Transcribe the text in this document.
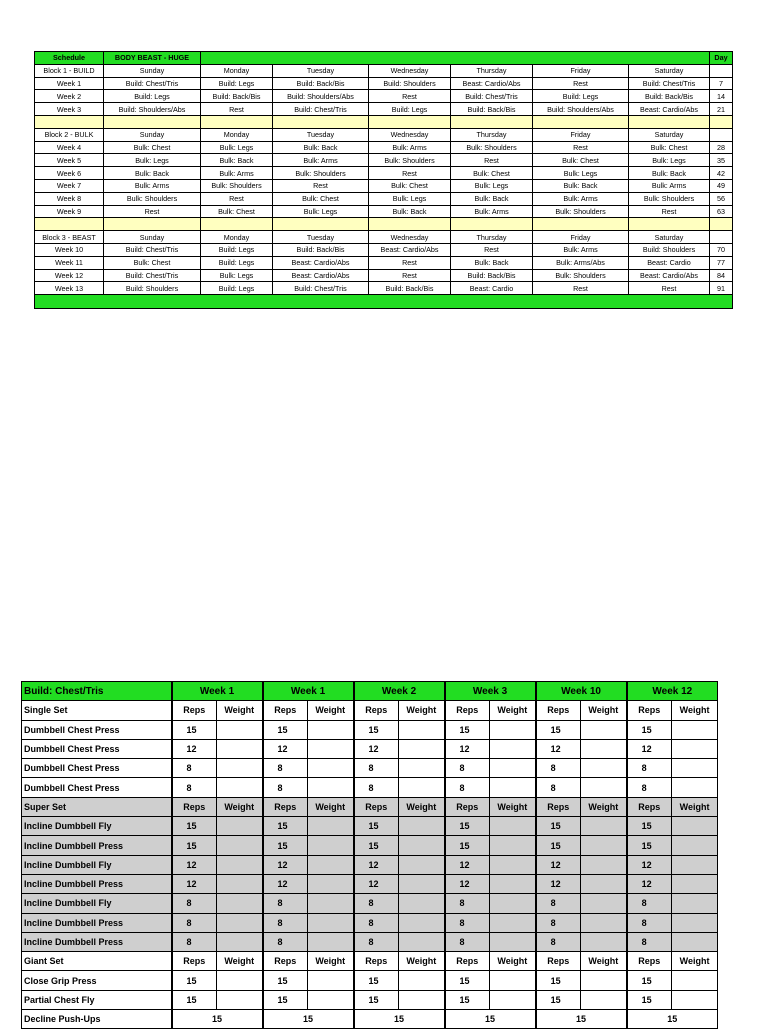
Schedule	BODY BEAST - HUGE							Day
Block 1 - BUILD	Sunday	Monday	Tuesday	Wednesday	Thursday	Friday	Saturday	
Week 1	Build: Chest/Tris	Build: Legs	Build: Back/Bis	Build: Shoulders	Beast: Cardio/Abs	Rest	Build: Chest/Tris	7
Week 2	Build: Legs	Build: Back/Bis	Build: Shoulders/Abs	Rest	Build: Chest/Tris	Build: Legs	Build: Back/Bis	14
Week 3	Build: Shoulders/Abs	Rest	Build: Chest/Tris	Build: Legs	Build: Back/Bis	Build: Shoulders/Abs	Beast: Cardio/Abs	21

Block 2 - BULK	Sunday	Monday	Tuesday	Wednesday	Thursday	Friday	Saturday	
Week 4	Bulk: Chest	Bulk: Legs	Bulk: Back	Bulk: Arms	Bulk: Shoulders	Rest	Bulk: Chest	28
Week 5	Bulk: Legs	Bulk: Back	Bulk: Arms	Bulk: Shoulders	Rest	Bulk: Chest	Bulk: Legs	35
Week 6	Bulk: Back	Bulk: Arms	Bulk: Shoulders	Rest	Bulk: Chest	Bulk: Legs	Bulk: Back	42
Week 7	Bulk: Arms	Bulk: Shoulders	Rest	Bulk: Chest	Bulk: Legs	Bulk: Back	Bulk: Arms	49
Week 8	Bulk: Shoulders	Rest	Bulk: Chest	Bulk: Legs	Bulk: Back	Bulk: Arms	Bulk: Shoulders	56
Week 9	Rest	Bulk: Chest	Bulk: Legs	Bulk: Back	Bulk: Arms	Bulk: Shoulders	Rest	63

Block 3 - BEAST	Sunday	Monday	Tuesday	Wednesday	Thursday	Friday	Saturday	
Week 10	Build: Chest/Tris	Build: Legs	Build: Back/Bis	Beast: Cardio/Abs	Rest	Bulk: Arms	Build: Shoulders	70
Week 11	Bulk: Chest	Build: Legs	Beast: Cardio/Abs	Rest	Bulk: Back	Bulk: Arms/Abs	Beast: Cardio	77
Week 12	Build: Chest/Tris	Bulk: Legs	Beast: Cardio/Abs	Rest	Build: Back/Bis	Bulk: Shoulders	Beast: Cardio/Abs	84
Week 13	Build: Shoulders	Build: Legs	Build: Chest/Tris	Build: Back/Bis	Beast: Cardio	Rest	Rest	91

Build: Chest/Tris	Week 1		Week 1		Week 2		Week 3		Week 10		Week 12	
Single Set	Reps	Weight	Reps	Weight	Reps	Weight	Reps	Weight	Reps	Weight	Reps	Weight
Dumbbell Chest Press	15		15		15		15		15		15	
Dumbbell Chest Press	12		12		12		12		12		12	
Dumbbell Chest Press	8		8		8		8		8		8	
Dumbbell Chest Press	8		8		8		8		8		8	
Super Set	Reps	Weight	Reps	Weight	Reps	Weight	Reps	Weight	Reps	Weight	Reps	Weight
Incline Dumbbell Fly	15		15		15		15		15		15	
Incline Dumbbell Press	15		15		15		15		15		15	
Incline Dumbbell Fly	12		12		12		12		12		12	
Incline Dumbbell Press	12		12		12		12		12		12	
Incline Dumbbell Fly	8		8		8		8		8		8	
Incline Dumbbell Press	8		8		8		8		8		8	
Incline Dumbbell Press	8		8		8		8		8		8	
Giant Set	Reps	Weight	Reps	Weight	Reps	Weight	Reps	Weight	Reps	Weight	Reps	Weight
Close Grip Press	15		15		15		15		15		15	
Partial Chest Fly	15		15		15		15		15		15	
Decline Push-Ups	15		15		15		15		15		15	
